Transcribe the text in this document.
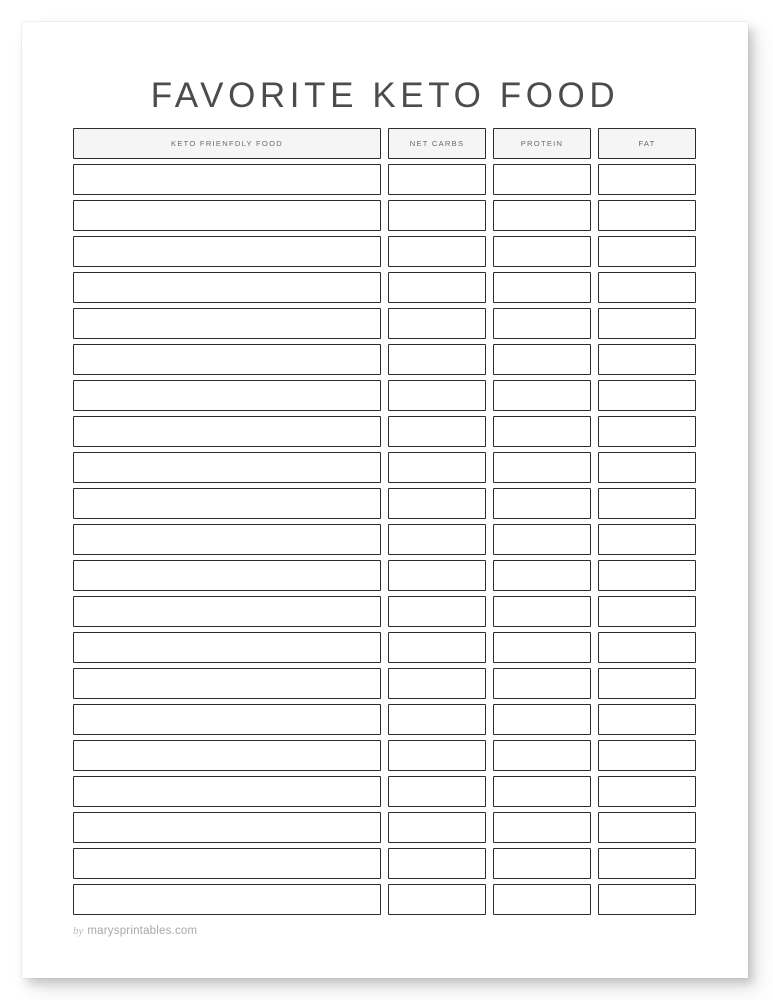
FAVORITE KETO FOOD
KETO FRIENFDLY FOOD	NET CARBS	PROTEIN	FAT
by marysprintables.com
